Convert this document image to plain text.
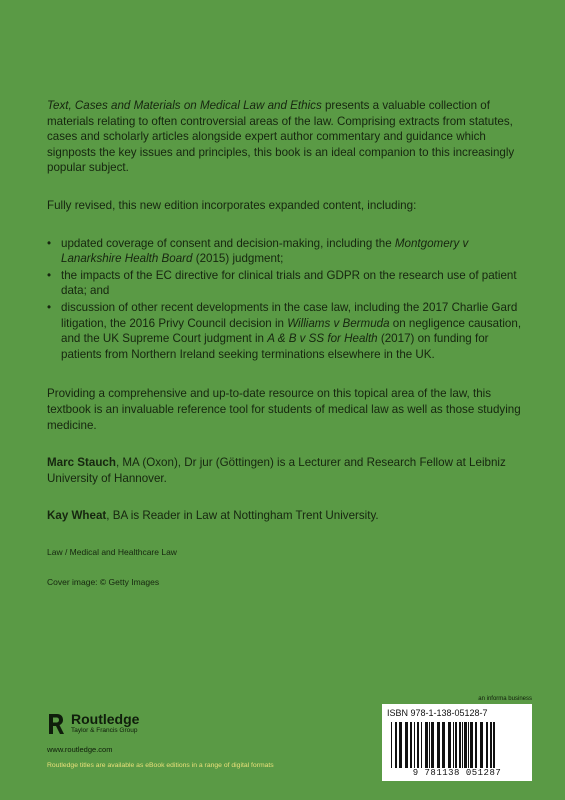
Text, Cases and Materials on Medical Law and Ethics presents a valuable collection of materials relating to often controversial areas of the law. Comprising extracts from statutes, cases and scholarly articles alongside expert author commentary and guidance which signposts the key issues and principles, this book is an ideal companion to this increasingly popular subject.

Fully revised, this new edition incorporates expanded content, including:

• updated coverage of consent and decision-making, including the Montgomery v Lanarkshire Health Board (2015) judgment;
• the impacts of the EC directive for clinical trials and GDPR on the research use of patient data; and
• discussion of other recent developments in the case law, including the 2017 Charlie Gard litigation, the 2016 Privy Council decision in Williams v Bermuda on negligence causation, and the UK Supreme Court judgment in A & B v SS for Health (2017) on funding for patients from Northern Ireland seeking terminations elsewhere in the UK.

Providing a comprehensive and up-to-date resource on this topical area of the law, this textbook is an invaluable reference tool for students of medical law as well as those studying medicine.

Marc Stauch, MA (Oxon), Dr jur (Göttingen) is a Lecturer and Research Fellow at Leibniz University of Hannover.

Kay Wheat, BA is Reader in Law at Nottingham Trent University.

Law / Medical and Healthcare Law

Cover image: © Getty Images

Routledge
Taylor & Francis Group
www.routledge.com
Routledge titles are available as eBook editions in a range of digital formats
an informa business
ISBN 978-1-138-05128-7
9 781138 051287
